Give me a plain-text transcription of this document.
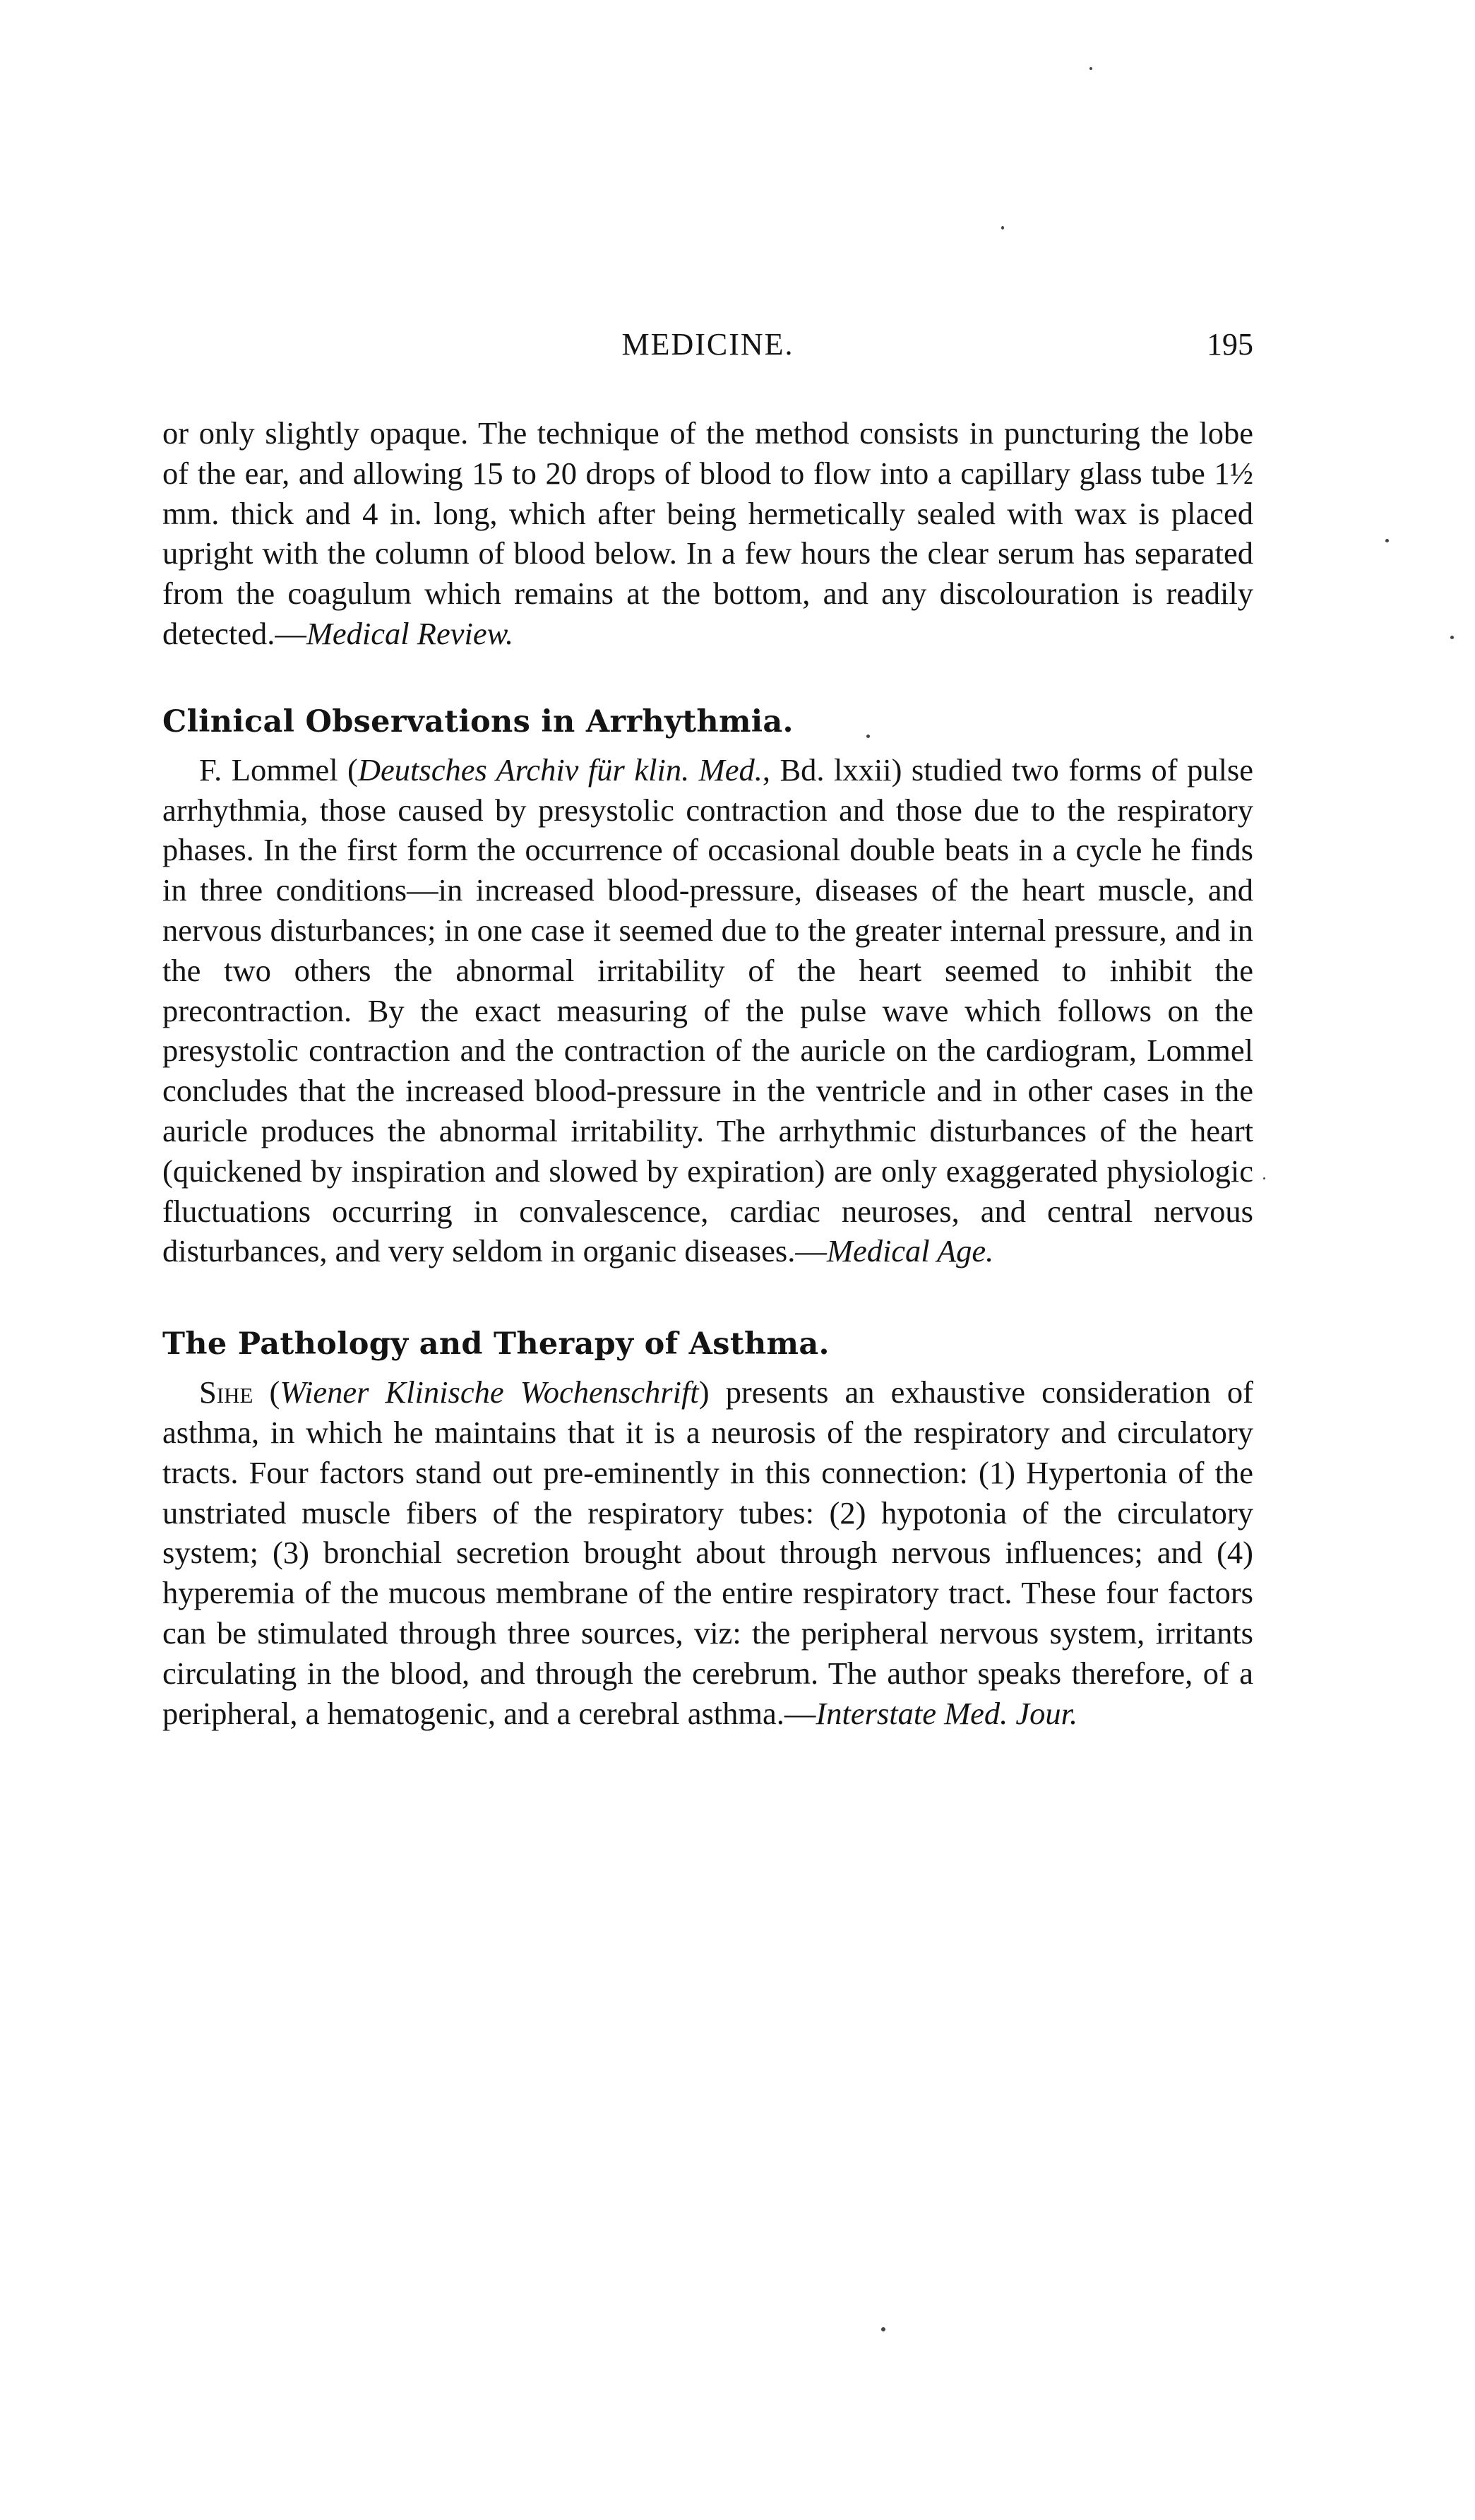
MEDICINE.	195

or only slightly opaque. The technique of the method consists in puncturing the lobe of the ear, and allowing 15 to 20 drops of blood to flow into a capillary glass tube 1½ mm. thick and 4 in. long, which after being hermetically sealed with wax is placed upright with the column of blood below. In a few hours the clear serum has separated from the coagulum which remains at the bottom, and any discolouration is readily detected.—Medical Review.

Clinical Observations in Arrhythmia.

F. Lommel (Deutsches Archiv für klin. Med., Bd. lxxii) studied two forms of pulse arrhythmia, those caused by presystolic contraction and those due to the respiratory phases. In the first form the occurrence of occasional double beats in a cycle he finds in three conditions—in increased blood-pressure, diseases of the heart muscle, and nervous disturbances; in one case it seemed due to the greater internal pressure, and in the two others the abnormal irritability of the heart seemed to inhibit the precontraction. By the exact measuring of the pulse wave which follows on the presystolic contraction and the contraction of the auricle on the cardiogram, Lommel concludes that the increased blood-pressure in the ventricle and in other cases in the auricle produces the abnormal irritability. The arrhythmic disturbances of the heart (quickened by inspiration and slowed by expiration) are only exaggerated physiologic fluctuations occurring in convalescence, cardiac neuroses, and central nervous disturbances, and very seldom in organic diseases.—Medical Age.

The Pathology and Therapy of Asthma.

Sihe (Wiener Klinische Wochenschrift) presents an exhaustive consideration of asthma, in which he maintains that it is a neurosis of the respiratory and circulatory tracts. Four factors stand out pre-eminently in this connection: (1) Hypertonia of the unstriated muscle fibers of the respiratory tubes: (2) hypotonia of the circulatory system; (3) bronchial secretion brought about through nervous influences; and (4) hyperemia of the mucous membrane of the entire respiratory tract. These four factors can be stimulated through three sources, viz: the peripheral nervous system, irritants circulating in the blood, and through the cerebrum. The author speaks therefore, of a peripheral, a hematogenic, and a cerebral asthma.—Interstate Med. Jour.
